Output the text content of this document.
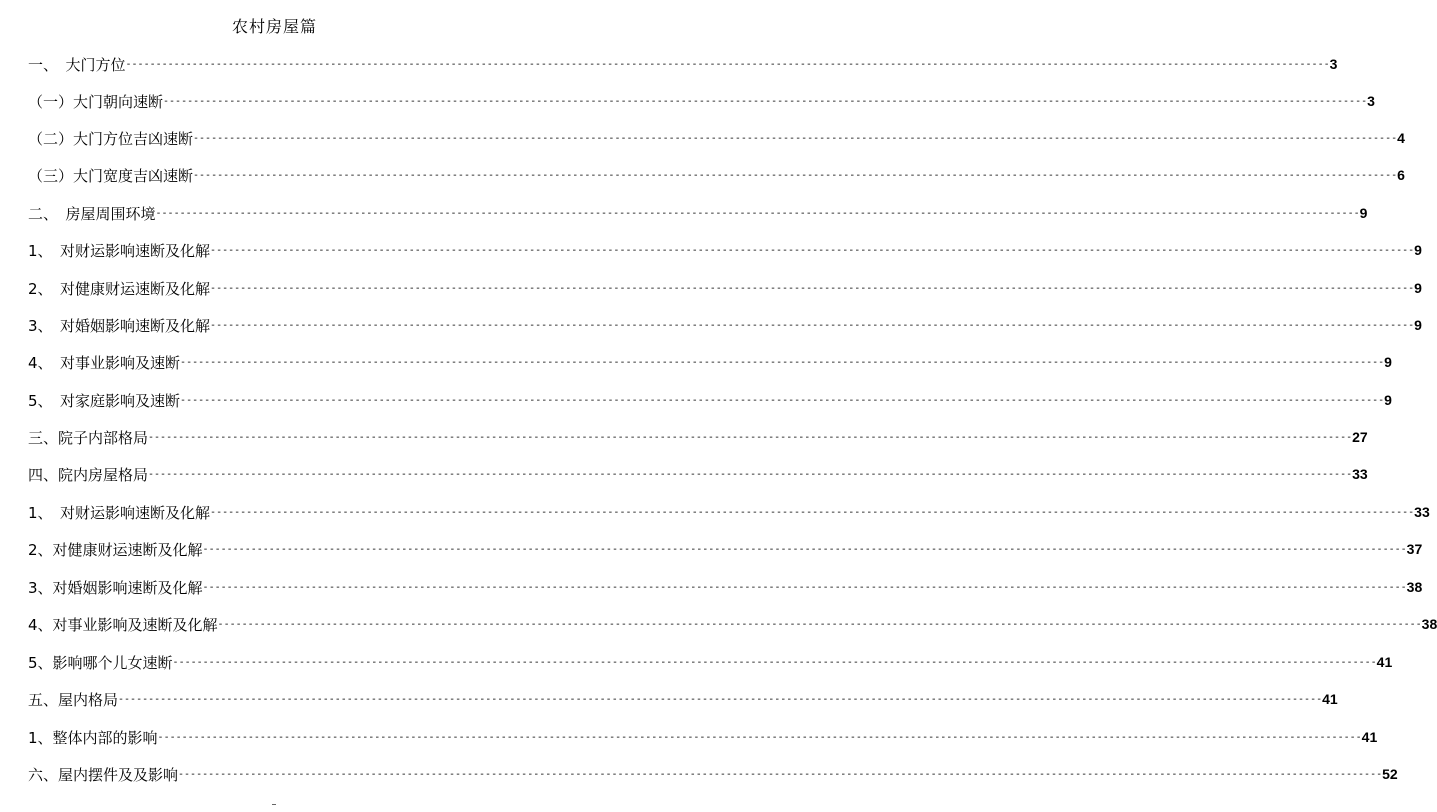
农村房屋篇
一、　大门方位 -------------------------------------------------------------------------------------------------------------------------------------------------------------------------------------------------------- 3
（一）大门朝向速断 -------------------------------------------------------------------------------------------------------------------------------------------------------------------------------------------------------- 3
（二）大门方位吉凶速断 -------------------------------------------------------------------------------------------------------------------------------------------------------------------------------------------------------- 4
（三）大门宽度吉凶速断 -------------------------------------------------------------------------------------------------------------------------------------------------------------------------------------------------------- 6
二、　房屋周围环境 -------------------------------------------------------------------------------------------------------------------------------------------------------------------------------------------------------- 9
1、　对财运影响速断及化解 -------------------------------------------------------------------------------------------------------------------------------------------------------------------------------------------------------- 9
2、　对健康财运速断及化解 -------------------------------------------------------------------------------------------------------------------------------------------------------------------------------------------------------- 9
3、　对婚姻影响速断及化解 -------------------------------------------------------------------------------------------------------------------------------------------------------------------------------------------------------- 9
4、　对事业影响及速断 -------------------------------------------------------------------------------------------------------------------------------------------------------------------------------------------------------- 9
5、　对家庭影响及速断 -------------------------------------------------------------------------------------------------------------------------------------------------------------------------------------------------------- 9
三、院子内部格局 -------------------------------------------------------------------------------------------------------------------------------------------------------------------------------------------------------- 27
四、院内房屋格局 -------------------------------------------------------------------------------------------------------------------------------------------------------------------------------------------------------- 33
1、　对财运影响速断及化解 -------------------------------------------------------------------------------------------------------------------------------------------------------------------------------------------------------- 33
2、对健康财运速断及化解 -------------------------------------------------------------------------------------------------------------------------------------------------------------------------------------------------------- 37
3、对婚姻影响速断及化解 -------------------------------------------------------------------------------------------------------------------------------------------------------------------------------------------------------- 38
4、对事业影响及速断及化解 -------------------------------------------------------------------------------------------------------------------------------------------------------------------------------------------------------- 38
5、影响哪个儿女速断 -------------------------------------------------------------------------------------------------------------------------------------------------------------------------------------------------------- 41
五、屋内格局 -------------------------------------------------------------------------------------------------------------------------------------------------------------------------------------------------------- 41
1、整体内部的影响 -------------------------------------------------------------------------------------------------------------------------------------------------------------------------------------------------------- 41
六、屋内摆件及及影响 -------------------------------------------------------------------------------------------------------------------------------------------------------------------------------------------------------- 52
